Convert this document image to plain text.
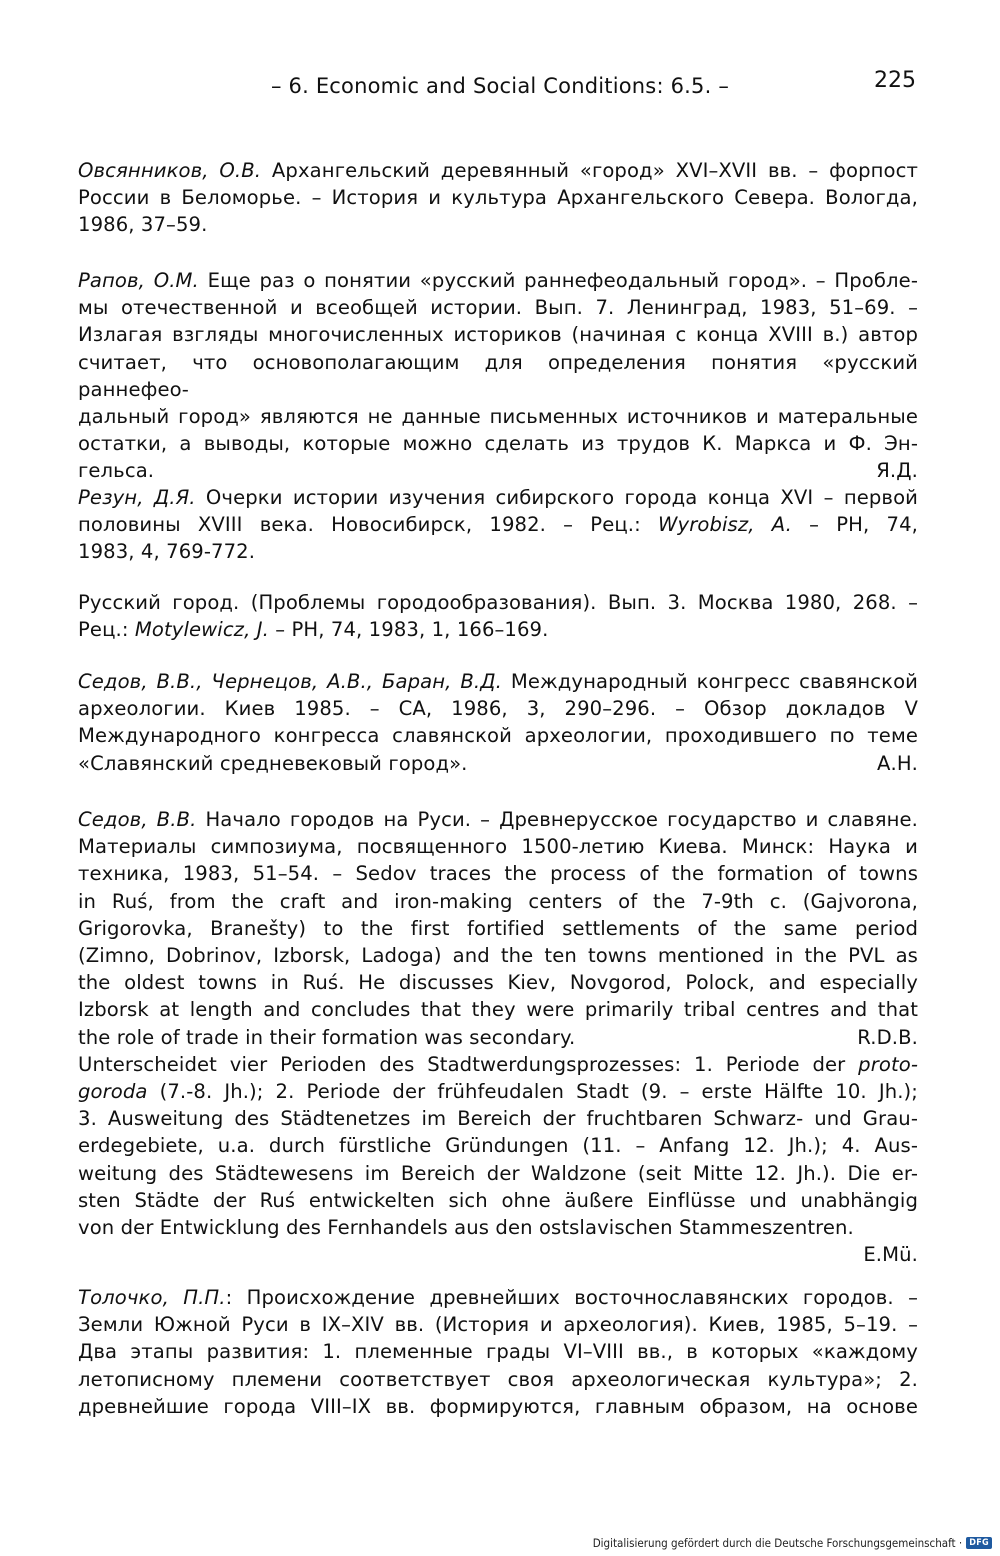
– 6. Economic and Social Conditions: 6.5. –	225
Овсянников, О.В. Архангельский деревянный «город» XVI–XVII вв. – форпост
России в Беломорье. – История и культура Архангельского Севера. Вологда,
1986, 37–59.
Рапов, О.М. Еще раз о понятии «русский раннефеодальный город». – Пробле-
мы отечественной и всеобщей истории. Вып. 7. Ленинград, 1983, 51–69. –
Излагая взгляды многочисленных историков (начиная с конца XVIII в.) автор
считает, что основополагающим для определения понятия «русский раннефео-
дальный город» являются не данные письменных источников и матеральные
остатки, а выводы, которые можно сделать из трудов К. Маркса и Ф. Эн-
гельса.	Я.Д.
Резун, Д.Я. Очерки истории изучения сибирского города конца XVI – первой
половины XVIII века. Новосибирск, 1982. – Рец.: Wyrobisz, A. – PH, 74,
1983, 4, 769-772.
Русский город. (Проблемы городообразования). Вып. 3. Москва 1980, 268. –
Рец.: Motylewicz, J. – PH, 74, 1983, 1, 166–169.
Седов, В.В., Чернецов, А.В., Баран, В.Д. Международный конгресс свавянской
археологии. Киев 1985. – СА, 1986, 3, 290–296. – Обзор докладов V
Международного конгресса славянской археологии, проходившего по теме
«Славянский средневековый город».	А.Н.
Седов, В.В. Начало городов на Руси. – Древнерусское государство и славяне.
Материалы симпозиума, посвященного 1500-летию Киева. Минск: Наука и
техника, 1983, 51–54. – Sedov traces the process of the formation of towns
in Ruś, from the craft and iron-making centers of the 7-9th c. (Gajvorona,
Grigorovka, Branešty) to the first fortified settlements of the same period
(Zimno, Dobrinov, Izborsk, Ladoga) and the ten towns mentioned in the PVL as
the oldest towns in Ruś. He discusses Kiev, Novgorod, Polock, and especially
Izborsk at length and concludes that they were primarily tribal centres and that
the role of trade in their formation was secondary.	R.D.B.
Unterscheidet vier Perioden des Stadtwerdungsprozesses: 1. Periode der proto-
goroda (7.-8. Jh.); 2. Periode der frühfeudalen Stadt (9. – erste Hälfte 10. Jh.);
3. Ausweitung des Städtenetzes im Bereich der fruchtbaren Schwarz- und Grau-
erdegebiete, u.a. durch fürstliche Gründungen (11. – Anfang 12. Jh.); 4. Aus-
weitung des Städtewesens im Bereich der Waldzone (seit Mitte 12. Jh.). Die er-
sten Städte der Ruś entwickelten sich ohne äußere Einflüsse und unabhängig
von der Entwicklung des Fernhandels aus den ostslavischen Stammeszentren.
E.Mü.
Толочко, П.П.: Происхождение древнейших восточнославянских городов. –
Земли Южной Руси в IX–XIV вв. (История и археология). Киев, 1985, 5–19. –
Два этапы развития: 1. племенные грады VI–VIII вв., в которых «каждому
летописному племени соответствует своя археологическая культура»; 2.
древнейшие города VIII–IX вв. формируются, главным образом, на основе
Digitalisierung gefördert durch die Deutsche Forschungsgemeinschaft · DFG
